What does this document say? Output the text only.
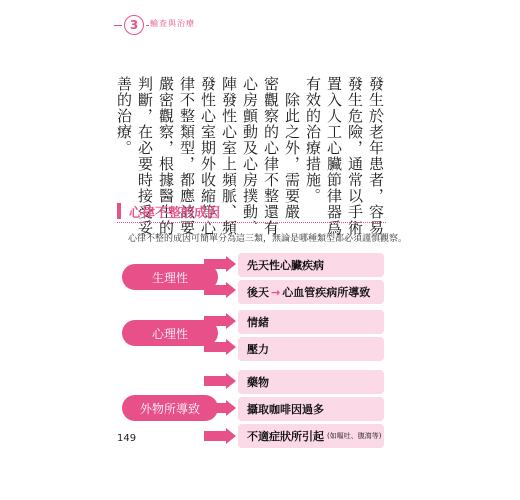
3	輸查與治療
發生於老年患者，容易
發生危險，通常以手術
置入人工心臟節律器爲
有效的治療措施。
　除此之外，需要嚴
密觀察的心律不整還有
心房顫動及心房撲動、
陣發性心室上頻脈、頻
發性心室期外收縮等心
律不整類型，都應該要
嚴密觀察，根據醫生的
判斷，在必要時接受妥
善的治療。
心律不整的成因
心律不整的成因可簡單分為這三類，無論是哪種類型都必須謹慎觀察。
生理性
心理性
外物所導致
先天性心臟疾病
後天 → 心血管疾病所導致
情緒
壓力
藥物
攝取咖啡因過多
不適症狀所引起 (如嘔吐、腹瀉等)
149
